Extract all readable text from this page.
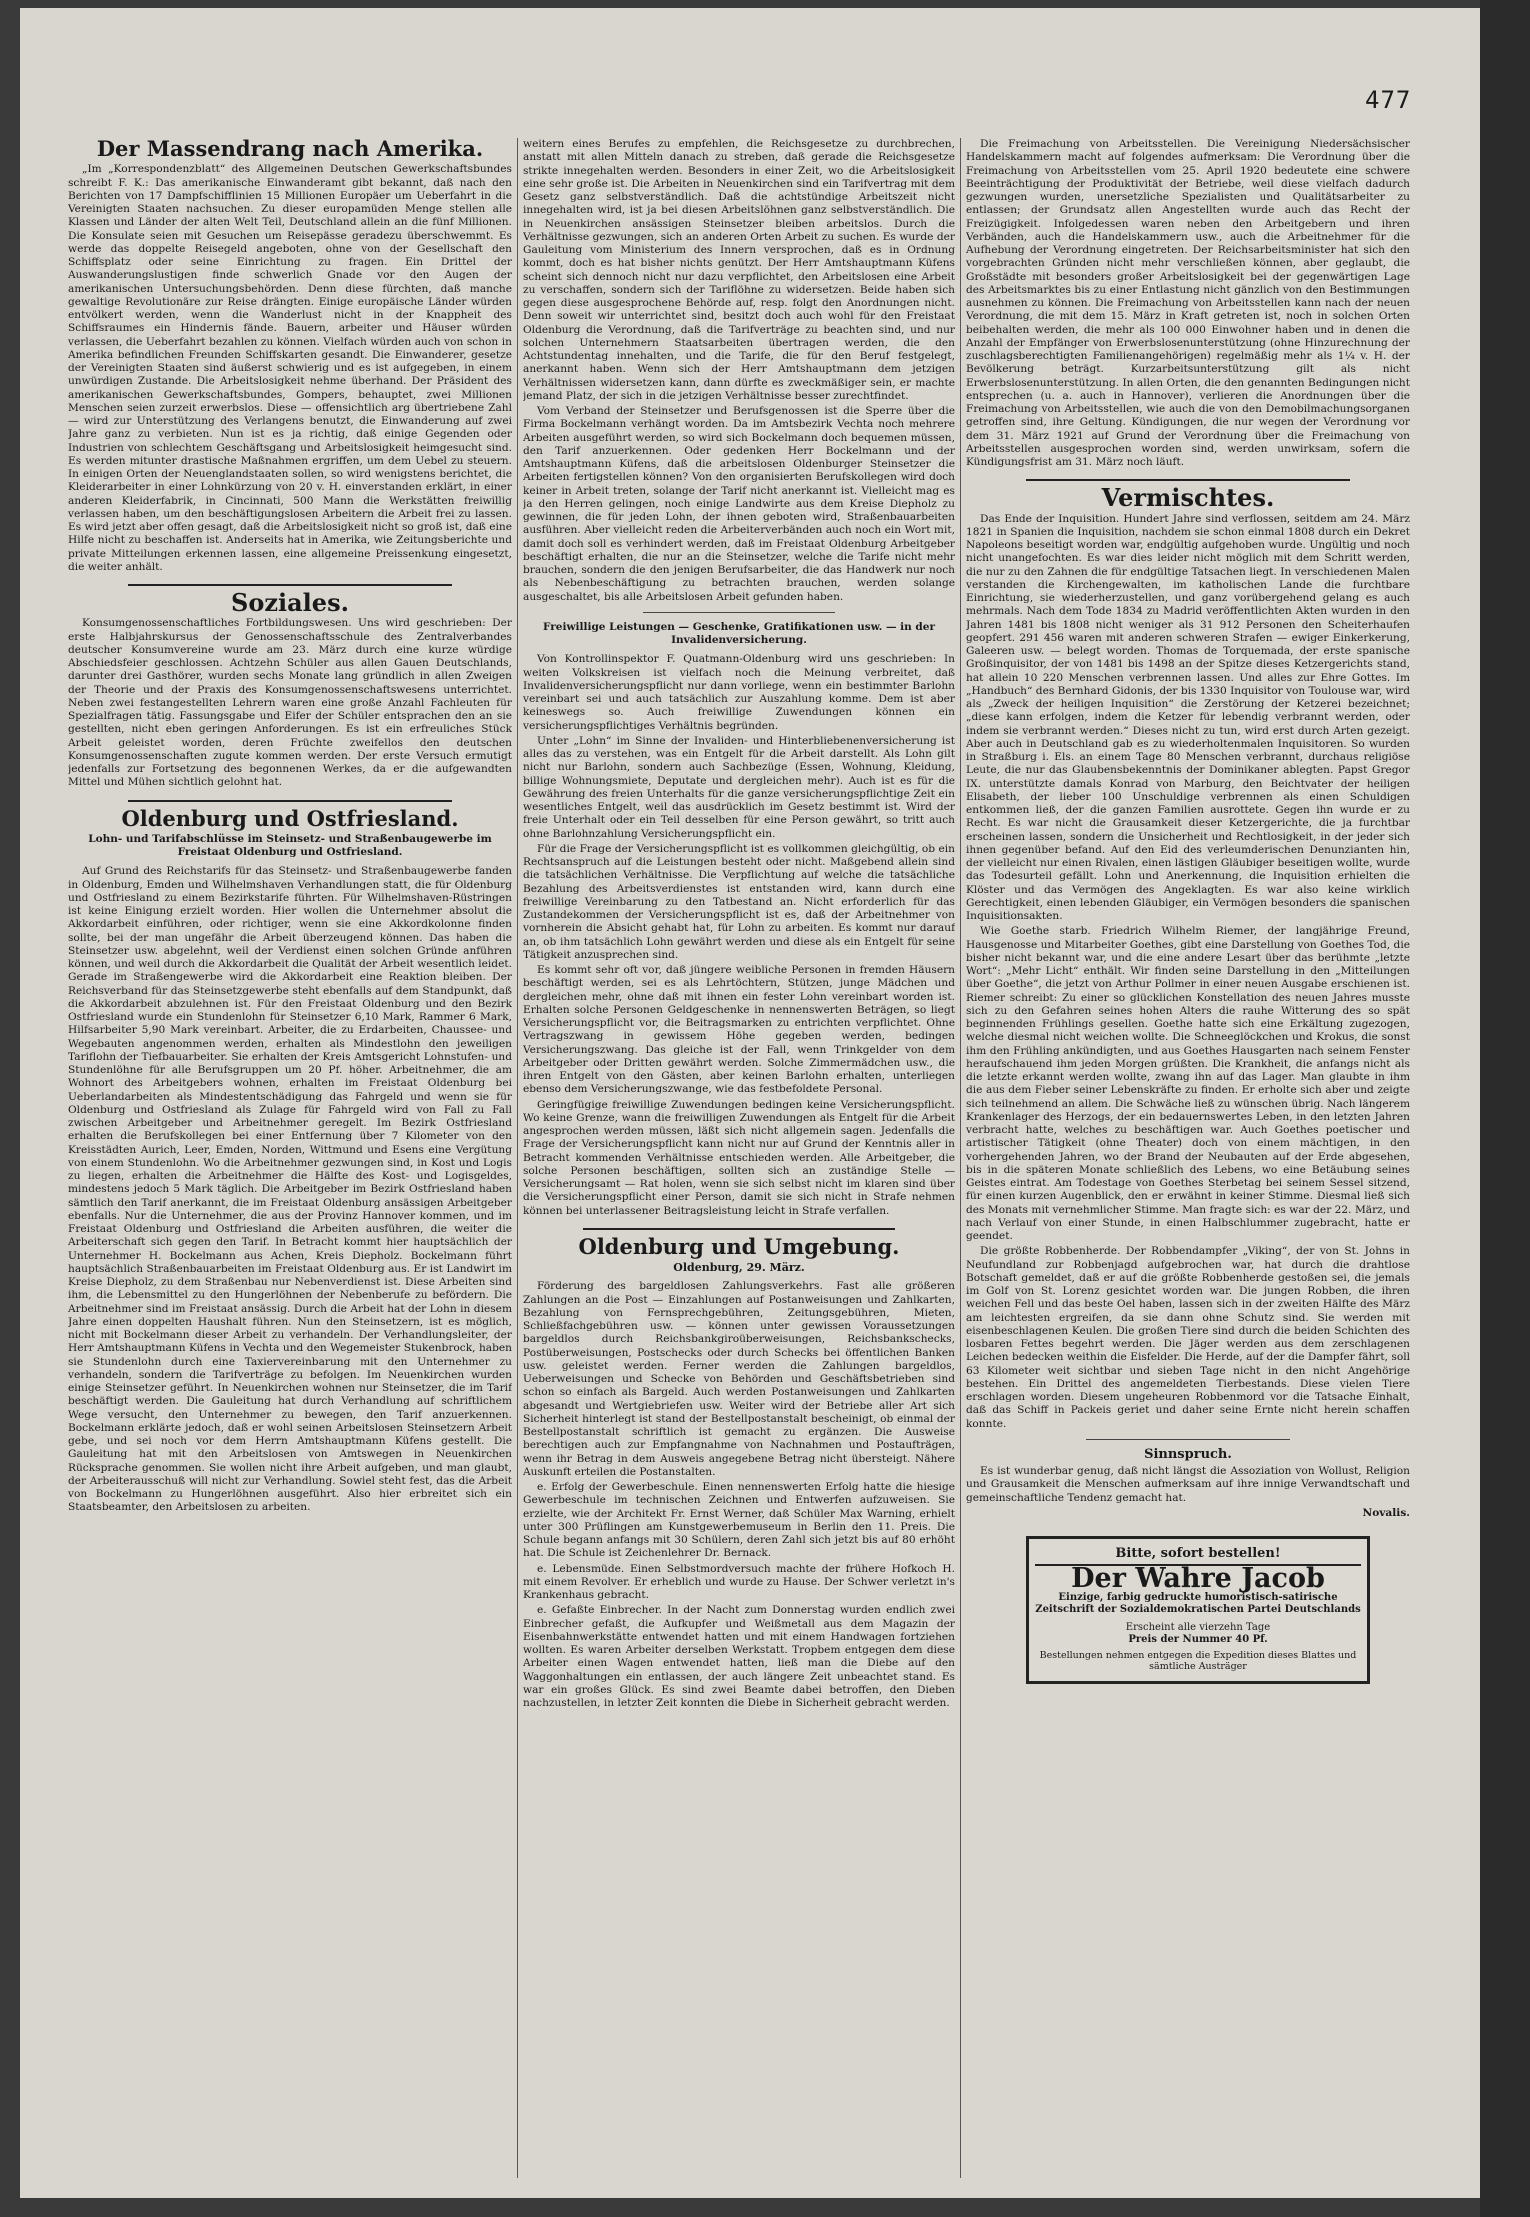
477
Der Massendrang nach Amerika.

„Im „Korrespondenzblatt“ des Allgemeinen Deutschen Gewerkschaftsbundes schreibt F. K.: Das amerikanische Einwanderamt gibt bekannt, daß nach den Berichten von 17 Dampfschifflinien 15 Millionen Europäer um Ueberfahrt in die Vereinigten Staaten nachsuchen. Zu dieser europamüden Menge stellen alle Klassen und Länder der alten Welt Teil, Deutschland allein an die fünf Millionen. Die Konsulate seien mit Gesuchen um Reisepässe geradezu überschwemmt. Es werde das doppelte Reisegeld angeboten, ohne von der Gesellschaft den Schiffsplatz oder seine Einrichtung zu fragen. Ein Drittel der Auswanderungslustigen finde schwerlich Gnade vor den Augen der amerikanischen Untersuchungsbehörden. Denn diese fürchten, daß manche gewaltige Revolutionäre zur Reise drängten. Einige europäische Länder würden entvölkert werden, wenn die Wanderlust nicht in der Knappheit des Schiffsraumes ein Hindernis fände. Bauern, arbeiter und Häuser würden verlassen, die Ueberfahrt bezahlen zu können. Vielfach würden auch von schon in Amerika befindlichen Freunden Schiffskarten gesandt. Die Einwanderer, gesetze der Vereinigten Staaten sind äußerst schwierig und es ist aufgegeben, in einem unwürdigen Zustande. Die Arbeitslosigkeit nehme überhand. Der Präsident des amerikanischen Gewerkschaftsbundes, Gompers, behauptet, zwei Millionen Menschen seien zurzeit erwerbslos. Diese — offensichtlich arg übertriebene Zahl — wird zur Unterstützung des Verlangens benutzt, die Einwanderung auf zwei Jahre ganz zu verbieten. Nun ist es ja richtig, daß einige Gegenden oder Industrien von schlechtem Geschäftsgang und Arbeitslosigkeit heimgesucht sind. Es werden mitunter drastische Maßnahmen ergriffen, um dem Uebel zu steuern. In einigen Orten der Neuenglandstaaten sollen, so wird wenigstens berichtet, die Kleiderarbeiter in einer Lohnkürzung von 20 v. H. einverstanden erklärt, in einer anderen Kleiderfabrik, in Cincinnati, 500 Mann die Werkstätten freiwillig verlassen haben, um den beschäftigungslosen Arbeitern die Arbeit frei zu lassen. Es wird jetzt aber offen gesagt, daß die Arbeitslosigkeit nicht so groß ist, daß eine Hilfe nicht zu beschaffen ist. Anderseits hat in Amerika, wie Zeitungsberichte und private Mitteilungen erkennen lassen, eine allgemeine Preissenkung eingesetzt, die weiter anhält.

Soziales.

Konsumgenossenschaftliches Fortbildungswesen. Uns wird geschrieben: Der erste Halbjahrskursus der Genossenschaftsschule des Zentralverbandes deutscher Konsumvereine wurde am 23. März durch eine kurze würdige Abschiedsfeier geschlossen. Achtzehn Schüler aus allen Gauen Deutschlands, darunter drei Gasthörer, wurden sechs Monate lang gründlich in allen Zweigen der Theorie und der Praxis des Konsumgenossenschaftswesens unterrichtet. Neben zwei festangestellten Lehrern waren eine große Anzahl Fachleuten für Spezialfragen tätig. Fassungsgabe und Eifer der Schüler entsprachen den an sie gestellten, nicht eben geringen Anforderungen. Es ist ein erfreuliches Stück Arbeit geleistet worden, deren Früchte zweifellos den deutschen Konsumgenossenschaften zugute kommen werden. Der erste Versuch ermutigt jedenfalls zur Fortsetzung des begonnenen Werkes, da er die aufgewandten Mittel und Mühen sichtlich gelohnt hat.

Oldenburg und Ostfriesland.
Lohn- und Tarifabschlüsse im Steinsetz- und Straßenbaugewerbe im Freistaat Oldenburg und Ostfriesland.

Auf Grund des Reichstarifs für das Steinsetz- und Straßenbaugewerbe fanden in Oldenburg, Emden und Wilhelmshaven Verhandlungen statt, die für Oldenburg und Ostfriesland zu einem Bezirkstarife führten. Für Wilhelmshaven-Rüstringen ist keine Einigung erzielt worden. Hier wollen die Unternehmer absolut die Akkordarbeit einführen, oder richtiger, wenn sie eine Akkordkolonne finden sollte, bei der man ungefähr die Arbeit überzeugend können. Das haben die Steinsetzer usw. abgelehnt, weil der Verdienst einen solchen Gründe anführen können, und weil durch die Akkordarbeit die Qualität der Arbeit wesentlich leidet. Gerade im Straßengewerbe wird die Akkordarbeit eine Reaktion bleiben. Der Reichsverband für das Steinsetzgewerbe steht ebenfalls auf dem Standpunkt, daß die Akkordarbeit abzulehnen ist. Für den Freistaat Oldenburg und den Bezirk Ostfriesland wurde ein Stundenlohn für Steinsetzer 6,10 Mark, Rammer 6 Mark, Hilfsarbeiter 5,90 Mark vereinbart. Arbeiter, die zu Erdarbeiten, Chaussee- und Wegebauten angenommen werden, erhalten als Mindestlohn den jeweiligen Tariflohn der Tiefbauarbeiter. Sie erhalten der Kreis Amtsgericht Lohnstufen- und Stundenlöhne für alle Berufsgruppen um 20 Pf. höher. Arbeitnehmer, die am Wohnort des Arbeitgebers wohnen, erhalten im Freistaat Oldenburg bei Ueberlandarbeiten als Mindestentschädigung das Fahrgeld und wenn sie für Oldenburg und Ostfriesland als Zulage für Fahrgeld wird von Fall zu Fall zwischen Arbeitgeber und Arbeitnehmer geregelt. Im Bezirk Ostfriesland erhalten die Berufskollegen bei einer Entfernung über 7 Kilometer von den Kreisstädten Aurich, Leer, Emden, Norden, Wittmund und Esens eine Vergütung von einem Stundenlohn. Wo die Arbeitnehmer gezwungen sind, in Kost und Logis zu liegen, erhalten die Arbeitnehmer die Hälfte des Kost- und Logisgeldes, mindestens jedoch 5 Mark täglich. Die Arbeitgeber im Bezirk Ostfriesland haben sämtlich den Tarif anerkannt, die im Freistaat Oldenburg ansässigen Arbeitgeber ebenfalls. Nur die Unternehmer, die aus der Provinz Hannover kommen, und im Freistaat Oldenburg und Ostfriesland die Arbeiten ausführen, die weiter die Arbeiterschaft sich gegen den Tarif. In Betracht kommt hier hauptsächlich der Unternehmer H. Bockelmann aus Achen, Kreis Diepholz. Bockelmann führt hauptsächlich Straßenbauarbeiten im Freistaat Oldenburg aus. Er ist Landwirt im Kreise Diepholz, zu dem Straßenbau nur Nebenverdienst ist. Diese Arbeiten sind ihm, die Lebensmittel zu den Hungerlöhnen der Nebenberufe zu befördern. Die Arbeitnehmer sind im Freistaat ansässig. Durch die Arbeit hat der Lohn in diesem Jahre einen doppelten Haushalt führen. Nun den Steinsetzern, ist es möglich, nicht mit Bockelmann dieser Arbeit zu verhandeln. Der Verhandlungsleiter, der Herr Amtshauptmann Küfens in Vechta und den Wegemeister Stukenbrock, haben sie Stundenlohn durch eine Taxiervereinbarung mit den Unternehmer zu verhandeln, sondern die Tarifverträge zu befolgen. Im Neuenkirchen wurden einige Steinsetzer geführt. In Neuenkirchen wohnen nur Steinsetzer, die im Tarif beschäftigt werden. Die Gauleitung hat durch Verhandlung auf schriftlichem Wege versucht, den Unternehmer zu bewegen, den Tarif anzuerkennen. Bockelmann erklärte jedoch, daß er wohl seinen Arbeitslosen Steinsetzern Arbeit gebe, und sei noch vor dem Herrn Amtshauptmann Küfens gestellt. Die Gauleitung hat mit den Arbeitslosen von Amtswegen in Neuenkirchen Rücksprache genommen. Sie wollen nicht ihre Arbeit aufgeben, und man glaubt, der Arbeiterausschuß will nicht zur Verhandlung. Sowiel steht fest, das die Arbeit von Bockelmann zu Hungerlöhnen ausgeführt. Also hier erbreitet sich ein Staatsbeamter, den Arbeitslosen zu arbeiten.

weitern eines Berufes zu empfehlen, die Reichsgesetze zu durchbrechen, anstatt mit allen Mitteln danach zu streben, daß gerade die Reichsgesetze strikte innegehalten werden. Besonders in einer Zeit, wo die Arbeitslosigkeit eine sehr große ist. Die Arbeiten in Neuenkirchen sind ein Tarifvertrag mit dem Gesetz ganz selbstverständlich. Daß die achtstündige Arbeitszeit nicht innegehalten wird, ist ja bei diesen Arbeitslöhnen ganz selbstverständlich. Die in Neuenkirchen ansässigen Steinsetzer bleiben arbeitslos. Durch die Verhältnisse gezwungen, sich an anderen Orten Arbeit zu suchen. Es wurde der Gauleitung vom Ministerium des Innern versprochen, daß es in Ordnung kommt, doch es hat bisher nichts genützt. Der Herr Amtshauptmann Küfens scheint sich dennoch nicht nur dazu verpflichtet, den Arbeitslosen eine Arbeit zu verschaffen, sondern sich der Tariflöhne zu widersetzen. Beide haben sich gegen diese ausgesprochene Behörde auf, resp. folgt den Anordnungen nicht. Denn soweit wir unterrichtet sind, besitzt doch auch wohl für den Freistaat Oldenburg die Verordnung, daß die Tarifverträge zu beachten sind, und nur solchen Unternehmern Staatsarbeiten übertragen werden, die den Achtstundentag innehalten, und die Tarife, die für den Beruf festgelegt, anerkannt haben. Wenn sich der Herr Amtshauptmann dem jetzigen Verhältnissen widersetzen kann, dann dürfte es zweckmäßiger sein, er machte jemand Platz, der sich in die jetzigen Verhältnisse besser zurechtfindet.

Vom Verband der Steinsetzer und Berufsgenossen ist die Sperre über die Firma Bockelmann verhängt worden. Da im Amtsbezirk Vechta noch mehrere Arbeiten ausgeführt werden, so wird sich Bockelmann doch bequemen müssen, den Tarif anzuerkennen. Oder gedenken Herr Bockelmann und der Amtshauptmann Küfens, daß die arbeitslosen Oldenburger Steinsetzer die Arbeiten fertigstellen können? Von den organisierten Berufskollegen wird doch keiner in Arbeit treten, solange der Tarif nicht anerkannt ist. Vielleicht mag es ja den Herren gelingen, noch einige Landwirte aus dem Kreise Diepholz zu gewinnen, die für jeden Lohn, der ihnen geboten wird, Straßenbauarbeiten ausführen. Aber vielleicht reden die Arbeiterverbänden auch noch ein Wort mit, damit doch soll es verhindert werden, daß im Freistaat Oldenburg Arbeitgeber beschäftigt erhalten, die nur an die Steinsetzer, welche die Tarife nicht mehr brauchen, sondern die den jenigen Berufsarbeiter, die das Handwerk nur noch als Nebenbeschäftigung zu betrachten brauchen, werden solange ausgeschaltet, bis alle Arbeitslosen Arbeit gefunden haben.

Freiwillige Leistungen — Geschenke, Gratifikationen usw. — in der Invalidenversicherung.

Von Kontrollinspektor F. Quatmann-Oldenburg wird uns geschrieben: In weiten Volkskreisen ist vielfach noch die Meinung verbreitet, daß Invalidenversicherungspflicht nur dann vorliege, wenn ein bestimmter Barlohn vereinbart sei und auch tatsächlich zur Auszahlung komme. Dem ist aber keineswegs so. Auch freiwillige Zuwendungen können ein versicherungspflichtiges Verhältnis begründen.

Unter „Lohn“ im Sinne der Invaliden- und Hinterbliebenenversicherung ist alles das zu verstehen, was ein Entgelt für die Arbeit darstellt. Als Lohn gilt nicht nur Barlohn, sondern auch Sachbezüge (Essen, Wohnung, Kleidung, billige Wohnungsmiete, Deputate und dergleichen mehr). Auch ist es für die Gewährung des freien Unterhalts für die ganze versicherungspflichtige Zeit ein wesentliches Entgelt, weil das ausdrücklich im Gesetz bestimmt ist. Wird der freie Unterhalt oder ein Teil desselben für eine Person gewährt, so tritt auch ohne Barlohnzahlung Versicherungspflicht ein.

Für die Frage der Versicherungspflicht ist es vollkommen gleichgültig, ob ein Rechtsanspruch auf die Leistungen besteht oder nicht. Maßgebend allein sind die tatsächlichen Verhältnisse. Die Verpflichtung auf welche die tatsächliche Bezahlung des Arbeitsverdienstes ist entstanden wird, kann durch eine freiwillige Vereinbarung zu den Tatbestand an. Nicht erforderlich für das Zustandekommen der Versicherungspflicht ist es, daß der Arbeitnehmer von vornherein die Absicht gehabt hat, für Lohn zu arbeiten. Es kommt nur darauf an, ob ihm tatsächlich Lohn gewährt werden und diese als ein Entgelt für seine Tätigkeit anzusprechen sind.

Es kommt sehr oft vor, daß jüngere weibliche Personen in fremden Häusern beschäftigt werden, sei es als Lehrtöchtern, Stützen, junge Mädchen und dergleichen mehr, ohne daß mit ihnen ein fester Lohn vereinbart worden ist. Erhalten solche Personen Geldgeschenke in nennenswerten Beträgen, so liegt Versicherungspflicht vor, die Beitragsmarken zu entrichten verpflichtet. Ohne Vertragszwang in gewissem Höhe gegeben werden, bedingen Versicherungszwang. Das gleiche ist der Fall, wenn Trinkgelder von dem Arbeitgeber oder Dritten gewährt werden. Solche Zimmermädchen usw., die ihren Entgelt von den Gästen, aber keinen Barlohn erhalten, unterliegen ebenso dem Versicherungszwange, wie das festbefoldete Personal.

Geringfügige freiwillige Zuwendungen bedingen keine Versicherungspflicht. Wo keine Grenze, wann die freiwilligen Zuwendungen als Entgelt für die Arbeit angesprochen werden müssen, läßt sich nicht allgemein sagen. Jedenfalls die Frage der Versicherungspflicht kann nicht nur auf Grund der Kenntnis aller in Betracht kommenden Verhältnisse entschieden werden. Alle Arbeitgeber, die solche Personen beschäftigen, sollten sich an zuständige Stelle — Versicherungsamt — Rat holen, wenn sie sich selbst nicht im klaren sind über die Versicherungspflicht einer Person, damit sie sich nicht in Strafe nehmen können bei unterlassener Beitragsleistung leicht in Strafe verfallen.

Oldenburg und Umgebung.
Oldenburg, 29. März.

Förderung des bargeldlosen Zahlungsverkehrs. Fast alle größeren Zahlungen an die Post — Einzahlungen auf Postanweisungen und Zahlkarten, Bezahlung von Fernsprechgebühren, Zeitungsgebühren, Mieten, Schließfachgebühren usw. — können unter gewissen Voraussetzungen bargeldlos durch Reichsbankgiroüberweisungen, Reichsbankschecks, Postüberweisungen, Postschecks oder durch Schecks bei öffentlichen Banken usw. geleistet werden. Ferner werden die Zahlungen bargeldlos, Ueberweisungen und Schecke von Behörden und Geschäftsbetrieben sind schon so einfach als Bargeld. Auch werden Postanweisungen und Zahlkarten abgesandt und Wertgiebriefen usw. Weiter wird der Betriebe aller Art sich Sicherheit hinterlegt ist stand der Bestellpostanstalt bescheinigt, ob einmal der Bestellpostanstalt schriftlich ist gemacht zu ergänzen. Die Ausweise berechtigen auch zur Empfangnahme von Nachnahmen und Postaufträgen, wenn ihr Betrag in dem Ausweis angegebene Betrag nicht übersteigt. Nähere Auskunft erteilen die Postanstalten.

e. Erfolg der Gewerbeschule. Einen nennenswerten Erfolg hatte die hiesige Gewerbeschule im technischen Zeichnen und Entwerfen aufzuweisen. Sie erzielte, wie der Architekt Fr. Ernst Werner, daß Schüler Max Warning, erhielt unter 300 Prüflingen am Kunstgewerbemuseum in Berlin den 11. Preis. Die Schule begann anfangs mit 30 Schülern, deren Zahl sich jetzt bis auf 80 erhöht hat. Die Schule ist Zeichenlehrer Dr. Bernack.

e. Lebensmüde. Einen Selbstmordversuch machte der frühere Hofkoch H. mit einem Revolver. Er erheblich und wurde zu Hause. Der Schwer verletzt in's Krankenhaus gebracht.

e. Gefaßte Einbrecher. In der Nacht zum Donnerstag wurden endlich zwei Einbrecher gefaßt, die Aufkupfer und Weißmetall aus dem Magazin der Eisenbahnwerkstätte entwendet hatten und mit einem Handwagen fortziehen wollten. Es waren Arbeiter derselben Werkstatt. Tropbem entgegen dem diese Arbeiter einen Wagen entwendet hatten, ließ man die Diebe auf den Waggonhaltungen ein entlassen, der auch längere Zeit unbeachtet stand. Es war ein großes Glück. Es sind zwei Beamte dabei betroffen, den Dieben nachzustellen, in letzter Zeit konnten die Diebe in Sicherheit gebracht werden.

Die Freimachung von Arbeitsstellen. Die Vereinigung Niedersächsischer Handelskammern macht auf folgendes aufmerksam: Die Verordnung über die Freimachung von Arbeitsstellen vom 25. April 1920 bedeutete eine schwere Beeinträchtigung der Produktivität der Betriebe, weil diese vielfach dadurch gezwungen wurden, unersetzliche Spezialisten und Qualitätsarbeiter zu entlassen; der Grundsatz allen Angestellten wurde auch das Recht der Freizügigkeit. Infolgedessen waren neben den Arbeitgebern und ihren Verbänden, auch die Handelskammern usw., auch die Arbeitnehmer für die Aufhebung der Verordnung eingetreten. Der Reichsarbeitsminister hat sich den vorgebrachten Gründen nicht mehr verschließen können, aber geglaubt, die Großstädte mit besonders großer Arbeitslosigkeit bei der gegenwärtigen Lage des Arbeitsmarktes bis zu einer Entlastung nicht gänzlich von den Bestimmungen ausnehmen zu können. Die Freimachung von Arbeitsstellen kann nach der neuen Verordnung, die mit dem 15. März in Kraft getreten ist, noch in solchen Orten beibehalten werden, die mehr als 100 000 Einwohner haben und in denen die Anzahl der Empfänger von Erwerbslosenunterstützung (ohne Hinzurechnung der zuschlagsberechtigten Familienangehörigen) regelmäßig mehr als 1¼ v. H. der Bevölkerung beträgt. Kurzarbeitsunterstützung gilt als nicht Erwerbslosenunterstützung. In allen Orten, die den genannten Bedingungen nicht entsprechen (u. a. auch in Hannover), verlieren die Anordnungen über die Freimachung von Arbeitsstellen, wie auch die von den Demobilmachungsorganen getroffen sind, ihre Geltung. Kündigungen, die nur wegen der Verordnung vor dem 31. März 1921 auf Grund der Verordnung über die Freimachung von Arbeitsstellen ausgesprochen worden sind, werden unwirksam, sofern die Kündigungsfrist am 31. März noch läuft.

Vermischtes.

Das Ende der Inquisition. Hundert Jahre sind verflossen, seitdem am 24. März 1821 in Spanien die Inquisition, nachdem sie schon einmal 1808 durch ein Dekret Napoleons beseitigt worden war, endgültig aufgehoben wurde. Ungültig und noch nicht unangefochten. Es war dies leider nicht möglich mit dem Schritt werden, die nur zu den Zahnen die für endgültige Tatsachen liegt. In verschiedenen Malen verstanden die Kirchengewalten, im katholischen Lande die furchtbare Einrichtung, sie wiederherzustellen, und ganz vorübergehend gelang es auch mehrmals. Nach dem Tode 1834 zu Madrid veröffentlichten Akten wurden in den Jahren 1481 bis 1808 nicht weniger als 31 912 Personen den Scheiterhaufen geopfert. 291 456 waren mit anderen schweren Strafen — ewiger Einkerkerung, Galeeren usw. — belegt worden. Thomas de Torquemada, der erste spanische Großinquisitor, der von 1481 bis 1498 an der Spitze dieses Ketzergerichts stand, hat allein 10 220 Menschen verbrennen lassen. Und alles zur Ehre Gottes. Im „Handbuch“ des Bernhard Gidonis, der bis 1330 Inquisitor von Toulouse war, wird als „Zweck der heiligen Inquisition“ die Zerstörung der Ketzerei bezeichnet; „diese kann erfolgen, indem die Ketzer für lebendig verbrannt werden, oder indem sie verbrannt werden.“ Dieses nicht zu tun, wird erst durch Arten gezeigt. Aber auch in Deutschland gab es zu wiederholtenmalen Inquisitoren. So wurden in Straßburg i. Els. an einem Tage 80 Menschen verbrannt, durchaus religiöse Leute, die nur das Glaubensbekenntnis der Dominikaner ablegten. Papst Gregor IX. unterstützte damals Konrad von Marburg, den Beichtvater der heiligen Elisabeth, der lieber 100 Unschuldige verbrennen als einen Schuldigen entkommen ließ, der die ganzen Familien ausrottete. Gegen ihn wurde er zu Recht. Es war nicht die Grausamkeit dieser Ketzergerichte, die ja furchtbar erscheinen lassen, sondern die Unsicherheit und Rechtlosigkeit, in der jeder sich ihnen gegenüber befand. Auf den Eid des verleumderischen Denunzianten hin, der vielleicht nur einen Rivalen, einen lästigen Gläubiger beseitigen wollte, wurde das Todesurteil gefällt. Lohn und Anerkennung, die Inquisition erhielten die Klöster und das Vermögen des Angeklagten. Es war also keine wirklich Gerechtigkeit, einen lebenden Gläubiger, ein Vermögen besonders die spanischen Inquisitionsakten.

Wie Goethe starb. Friedrich Wilhelm Riemer, der langjährige Freund, Hausgenosse und Mitarbeiter Goethes, gibt eine Darstellung von Goethes Tod, die bisher nicht bekannt war, und die eine andere Lesart über das berühmte „letzte Wort“: „Mehr Licht“ enthält. Wir finden seine Darstellung in den „Mitteilungen über Goethe“, die jetzt von Arthur Pollmer in einer neuen Ausgabe erschienen ist. Riemer schreibt: Zu einer so glücklichen Konstellation des neuen Jahres musste sich zu den Gefahren seines hohen Alters die rauhe Witterung des so spät beginnenden Frühlings gesellen. Goethe hatte sich eine Erkältung zugezogen, welche diesmal nicht weichen wollte. Die Schneeglöckchen und Krokus, die sonst ihm den Frühling ankündigten, und aus Goethes Hausgarten nach seinem Fenster heraufschauend ihm jeden Morgen grüßten. Die Krankheit, die anfangs nicht als die letzte erkannt werden wollte, zwang ihn auf das Lager. Man glaubte in ihm die aus dem Fieber seiner Lebenskräfte zu finden. Er erholte sich aber und zeigte sich teilnehmend an allem. Die Schwäche ließ zu wünschen übrig. Nach längerem Krankenlager des Herzogs, der ein bedauernswertes Leben, in den letzten Jahren verbracht hatte, welches zu beschäftigen war. Auch Goethes poetischer und artistischer Tätigkeit (ohne Theater) doch von einem mächtigen, in den vorhergehenden Jahren, wo der Brand der Neubauten auf der Erde abgesehen, bis in die späteren Monate schließlich des Lebens, wo eine Betäubung seines Geistes eintrat. Am Todestage von Goethes Sterbetag bei seinem Sessel sitzend, für einen kurzen Augenblick, den er erwähnt in keiner Stimme. Diesmal ließ sich des Monats mit vernehmlicher Stimme. Man fragte sich: es war der 22. März, und nach Verlauf von einer Stunde, in einen Halbschlummer zugebracht, hatte er geendet.

Die größte Robbenherde. Der Robbendampfer „Viking“, der von St. Johns in Neufundland zur Robbenjagd aufgebrochen war, hat durch die drahtlose Botschaft gemeldet, daß er auf die größte Robbenherde gestoßen sei, die jemals im Golf von St. Lorenz gesichtet worden war. Die jungen Robben, die ihren weichen Fell und das beste Oel haben, lassen sich in der zweiten Hälfte des März am leichtesten ergreifen, da sie dann ohne Schutz sind. Sie werden mit eisenbeschlagenen Keulen. Die großen Tiere sind durch die beiden Schichten des losbaren Fettes begehrt werden. Die Jäger werden aus dem zerschlagenen Leichen bedecken weithin die Eisfelder. Die Herde, auf der die Dampfer fährt, soll 63 Kilometer weit sichtbar und sieben Tage nicht in den nicht Angehörige bestehen. Ein Drittel des angemeldeten Tierbestands. Diese vielen Tiere erschlagen worden. Diesem ungeheuren Robbenmord vor die Tatsache Einhalt, daß das Schiff in Packeis geriet und daher seine Ernte nicht herein schaffen konnte.

Sinnspruch.

Es ist wunderbar genug, daß nicht längst die Assoziation von Wollust, Religion und Grausamkeit die Menschen aufmerksam auf ihre innige Verwandtschaft und gemeinschaftliche Tendenz gemacht hat.

Novalis.
Bitte, sofort bestellen!
Der Wahre Jacob
Einzige, farbig gedruckte humoristisch-satirische Zeitschrift der Sozialdemokratischen Partei Deutschlands
Erscheint alle vierzehn Tage
Preis der Nummer 40 Pf.
Bestellungen nehmen entgegen die Expedition dieses Blattes und sämtliche Austräger
